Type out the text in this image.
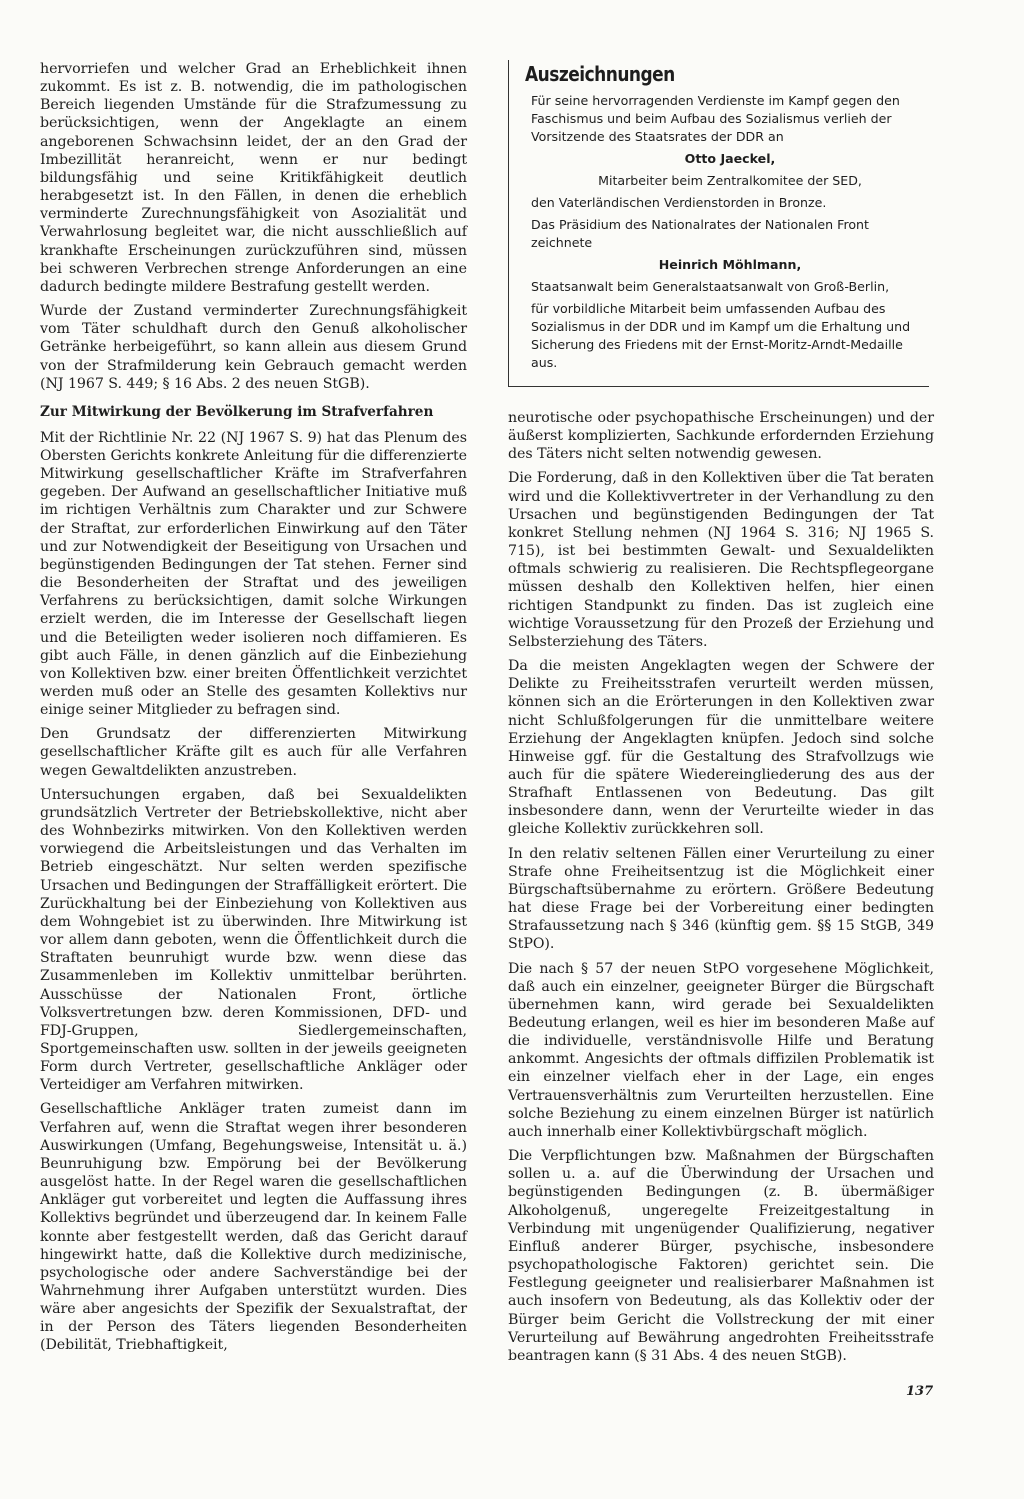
hervorriefen und welcher Grad an Erheblichkeit ihnen zukommt. Es ist z. B. notwendig, die im pathologischen Bereich liegenden Umstände für die Strafzumessung zu berücksichtigen, wenn der Angeklagte an einem angeborenen Schwachsinn leidet, der an den Grad der Imbezillität heranreicht, wenn er nur bedingt bildungsfähig und seine Kritikfähigkeit deutlich herabgesetzt ist. In den Fällen, in denen die erheblich verminderte Zurechnungsfähigkeit von Asozialität und Verwahrlosung begleitet war, die nicht ausschließlich auf krankhafte Erscheinungen zurückzuführen sind, müssen bei schweren Verbrechen strenge Anforderungen an eine dadurch bedingte mildere Bestrafung gestellt werden.

Wurde der Zustand verminderter Zurechnungsfähigkeit vom Täter schuldhaft durch den Genuß alkoholischer Getränke herbeigeführt, so kann allein aus diesem Grund von der Strafmilderung kein Gebrauch gemacht werden (NJ 1967 S. 449; § 16 Abs. 2 des neuen StGB).

Zur Mitwirkung der Bevölkerung im Strafverfahren

Mit der Richtlinie Nr. 22 (NJ 1967 S. 9) hat das Plenum des Obersten Gerichts konkrete Anleitung für die differenzierte Mitwirkung gesellschaftlicher Kräfte im Strafverfahren gegeben. Der Aufwand an gesellschaftlicher Initiative muß im richtigen Verhältnis zum Charakter und zur Schwere der Straftat, zur erforderlichen Einwirkung auf den Täter und zur Notwendigkeit der Beseitigung von Ursachen und begünstigenden Bedingungen der Tat stehen. Ferner sind die Besonderheiten der Straftat und des jeweiligen Verfahrens zu berücksichtigen, damit solche Wirkungen erzielt werden, die im Interesse der Gesellschaft liegen und die Beteiligten weder isolieren noch diffamieren. Es gibt auch Fälle, in denen gänzlich auf die Einbeziehung von Kollektiven bzw. einer breiten Öffentlichkeit verzichtet werden muß oder an Stelle des gesamten Kollektivs nur einige seiner Mitglieder zu befragen sind.

Den Grundsatz der differenzierten Mitwirkung gesellschaftlicher Kräfte gilt es auch für alle Verfahren wegen Gewaltdelikten anzustreben.

Untersuchungen ergaben, daß bei Sexualdelikten grundsätzlich Vertreter der Betriebskollektive, nicht aber des Wohnbezirks mitwirken. Von den Kollektiven werden vorwiegend die Arbeitsleistungen und das Verhalten im Betrieb eingeschätzt. Nur selten werden spezifische Ursachen und Bedingungen der Straffälligkeit erörtert. Die Zurückhaltung bei der Einbeziehung von Kollektiven aus dem Wohngebiet ist zu überwinden. Ihre Mitwirkung ist vor allem dann geboten, wenn die Öffentlichkeit durch die Straftaten beunruhigt wurde bzw. wenn diese das Zusammenleben im Kollektiv unmittelbar berührten. Ausschüsse der Nationalen Front, örtliche Volksvertretungen bzw. deren Kommissionen, DFD- und FDJ-Gruppen, Siedlergemeinschaften, Sportgemeinschaften usw. sollten in der jeweils geeigneten Form durch Vertreter, gesellschaftliche Ankläger oder Verteidiger am Verfahren mitwirken.

Gesellschaftliche Ankläger traten zumeist dann im Verfahren auf, wenn die Straftat wegen ihrer besonderen Auswirkungen (Umfang, Begehungsweise, Intensität u. ä.) Beunruhigung bzw. Empörung bei der Bevölkerung ausgelöst hatte. In der Regel waren die gesellschaftlichen Ankläger gut vorbereitet und legten die Auffassung ihres Kollektivs begründet und überzeugend dar. In keinem Falle konnte aber festgestellt werden, daß das Gericht darauf hingewirkt hatte, daß die Kollektive durch medizinische, psychologische oder andere Sachverständige bei der Wahrnehmung ihrer Aufgaben unterstützt wurden. Dies wäre aber angesichts der Spezifik der Sexualstraftat, der in der Person des Täters liegenden Besonderheiten (Debilität, Triebhaftigkeit,

Auszeichnungen

Für seine hervorragenden Verdienste im Kampf gegen den Faschismus und beim Aufbau des Sozialismus verlieh der Vorsitzende des Staatsrates der DDR an

Otto Jaeckel,

Mitarbeiter beim Zentralkomitee der SED,

den Vaterländischen Verdienstorden in Bronze.

Das Präsidium des Nationalrates der Nationalen Front zeichnete

Heinrich Möhlmann,

Staatsanwalt beim Generalstaatsanwalt von Groß-Berlin,

für vorbildliche Mitarbeit beim umfassenden Aufbau des Sozialismus in der DDR und im Kampf um die Erhaltung und Sicherung des Friedens mit der Ernst-Moritz-Arndt-Medaille aus.

neurotische oder psychopathische Erscheinungen) und der äußerst komplizierten, Sachkunde erfordernden Erziehung des Täters nicht selten notwendig gewesen.

Die Forderung, daß in den Kollektiven über die Tat beraten wird und die Kollektivvertreter in der Verhandlung zu den Ursachen und begünstigenden Bedingungen der Tat konkret Stellung nehmen (NJ 1964 S. 316; NJ 1965 S. 715), ist bei bestimmten Gewalt- und Sexualdelikten oftmals schwierig zu realisieren. Die Rechtspflegeorgane müssen deshalb den Kollektiven helfen, hier einen richtigen Standpunkt zu finden. Das ist zugleich eine wichtige Voraussetzung für den Prozeß der Erziehung und Selbsterziehung des Täters.

Da die meisten Angeklagten wegen der Schwere der Delikte zu Freiheitsstrafen verurteilt werden müssen, können sich an die Erörterungen in den Kollektiven zwar nicht Schlußfolgerungen für die unmittelbare weitere Erziehung der Angeklagten knüpfen. Jedoch sind solche Hinweise ggf. für die Gestaltung des Strafvollzugs wie auch für die spätere Wiedereingliederung des aus der Strafhaft Entlassenen von Bedeutung. Das gilt insbesondere dann, wenn der Verurteilte wieder in das gleiche Kollektiv zurückkehren soll.

In den relativ seltenen Fällen einer Verurteilung zu einer Strafe ohne Freiheitsentzug ist die Möglichkeit einer Bürgschaftsübernahme zu erörtern. Größere Bedeutung hat diese Frage bei der Vorbereitung einer bedingten Strafaussetzung nach § 346 (künftig gem. §§ 15 StGB, 349 StPO).

Die nach § 57 der neuen StPO vorgesehene Möglichkeit, daß auch ein einzelner, geeigneter Bürger die Bürgschaft übernehmen kann, wird gerade bei Sexualdelikten Bedeutung erlangen, weil es hier im besonderen Maße auf die individuelle, verständnisvolle Hilfe und Beratung ankommt. Angesichts der oftmals diffizilen Problematik ist ein einzelner vielfach eher in der Lage, ein enges Vertrauensverhältnis zum Verurteilten herzustellen. Eine solche Beziehung zu einem einzelnen Bürger ist natürlich auch innerhalb einer Kollektivbürgschaft möglich.

Die Verpflichtungen bzw. Maßnahmen der Bürgschaften sollen u. a. auf die Überwindung der Ursachen und begünstigenden Bedingungen (z. B. übermäßiger Alkoholgenuß, ungeregelte Freizeitgestaltung in Verbindung mit ungenügender Qualifizierung, negativer Einfluß anderer Bürger, psychische, insbesondere psychopathologische Faktoren) gerichtet sein. Die Festlegung geeigneter und realisierbarer Maßnahmen ist auch insofern von Bedeutung, als das Kollektiv oder der Bürger beim Gericht die Vollstreckung der mit einer Verurteilung auf Bewährung angedrohten Freiheitsstrafe beantragen kann (§ 31 Abs. 4 des neuen StGB).

137
